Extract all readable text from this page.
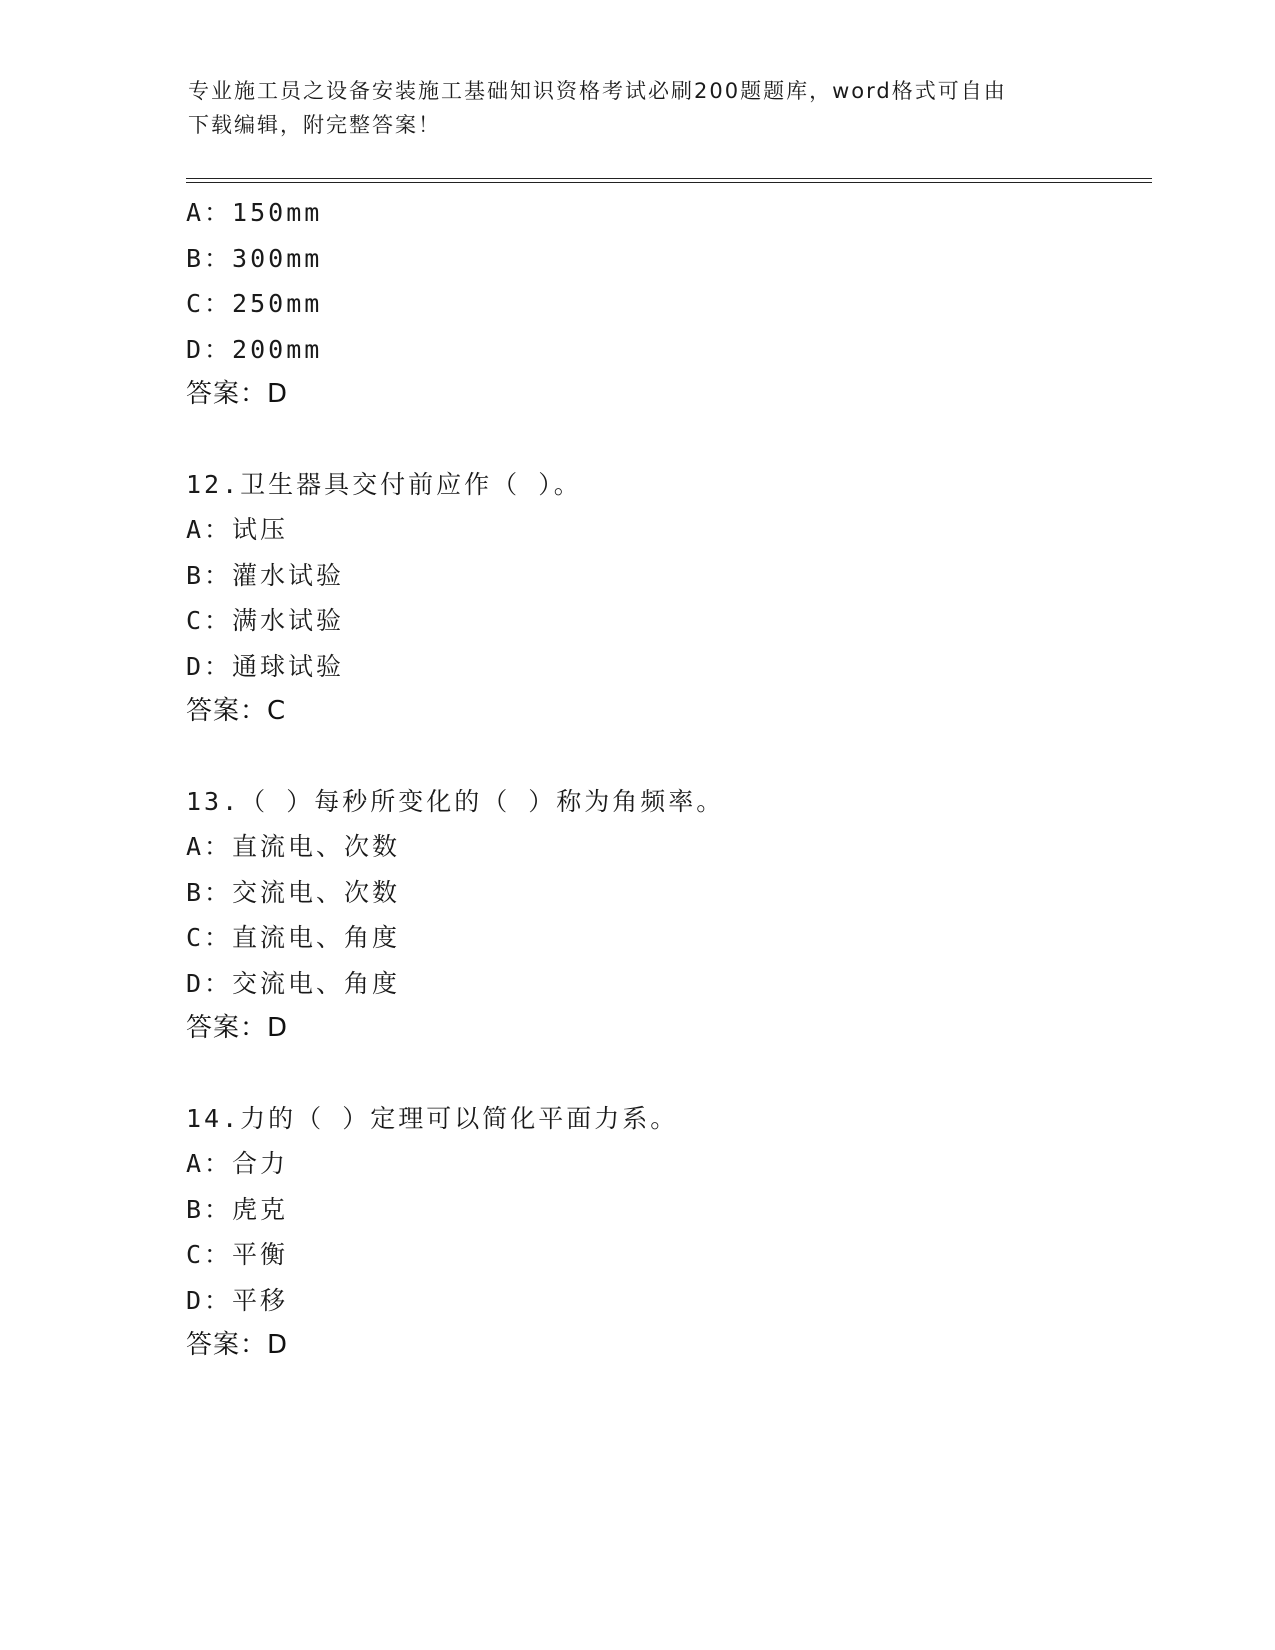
专业施工员之设备安装施工基础知识资格考试必刷200题题库，word格式可自由
下载编辑，附完整答案！
A：150mm
B：300mm
C：250mm
D：200mm
答案：D
12.卫生器具交付前应作（ ）。
A：试压
B：灌水试验
C：满水试验
D：通球试验
答案：C
13.（ ）每秒所变化的（ ）称为角频率。
A：直流电、次数
B：交流电、次数
C：直流电、角度
D：交流电、角度
答案：D
14.力的（ ）定理可以简化平面力系。
A：合力
B：虎克
C：平衡
D：平移
答案：D
